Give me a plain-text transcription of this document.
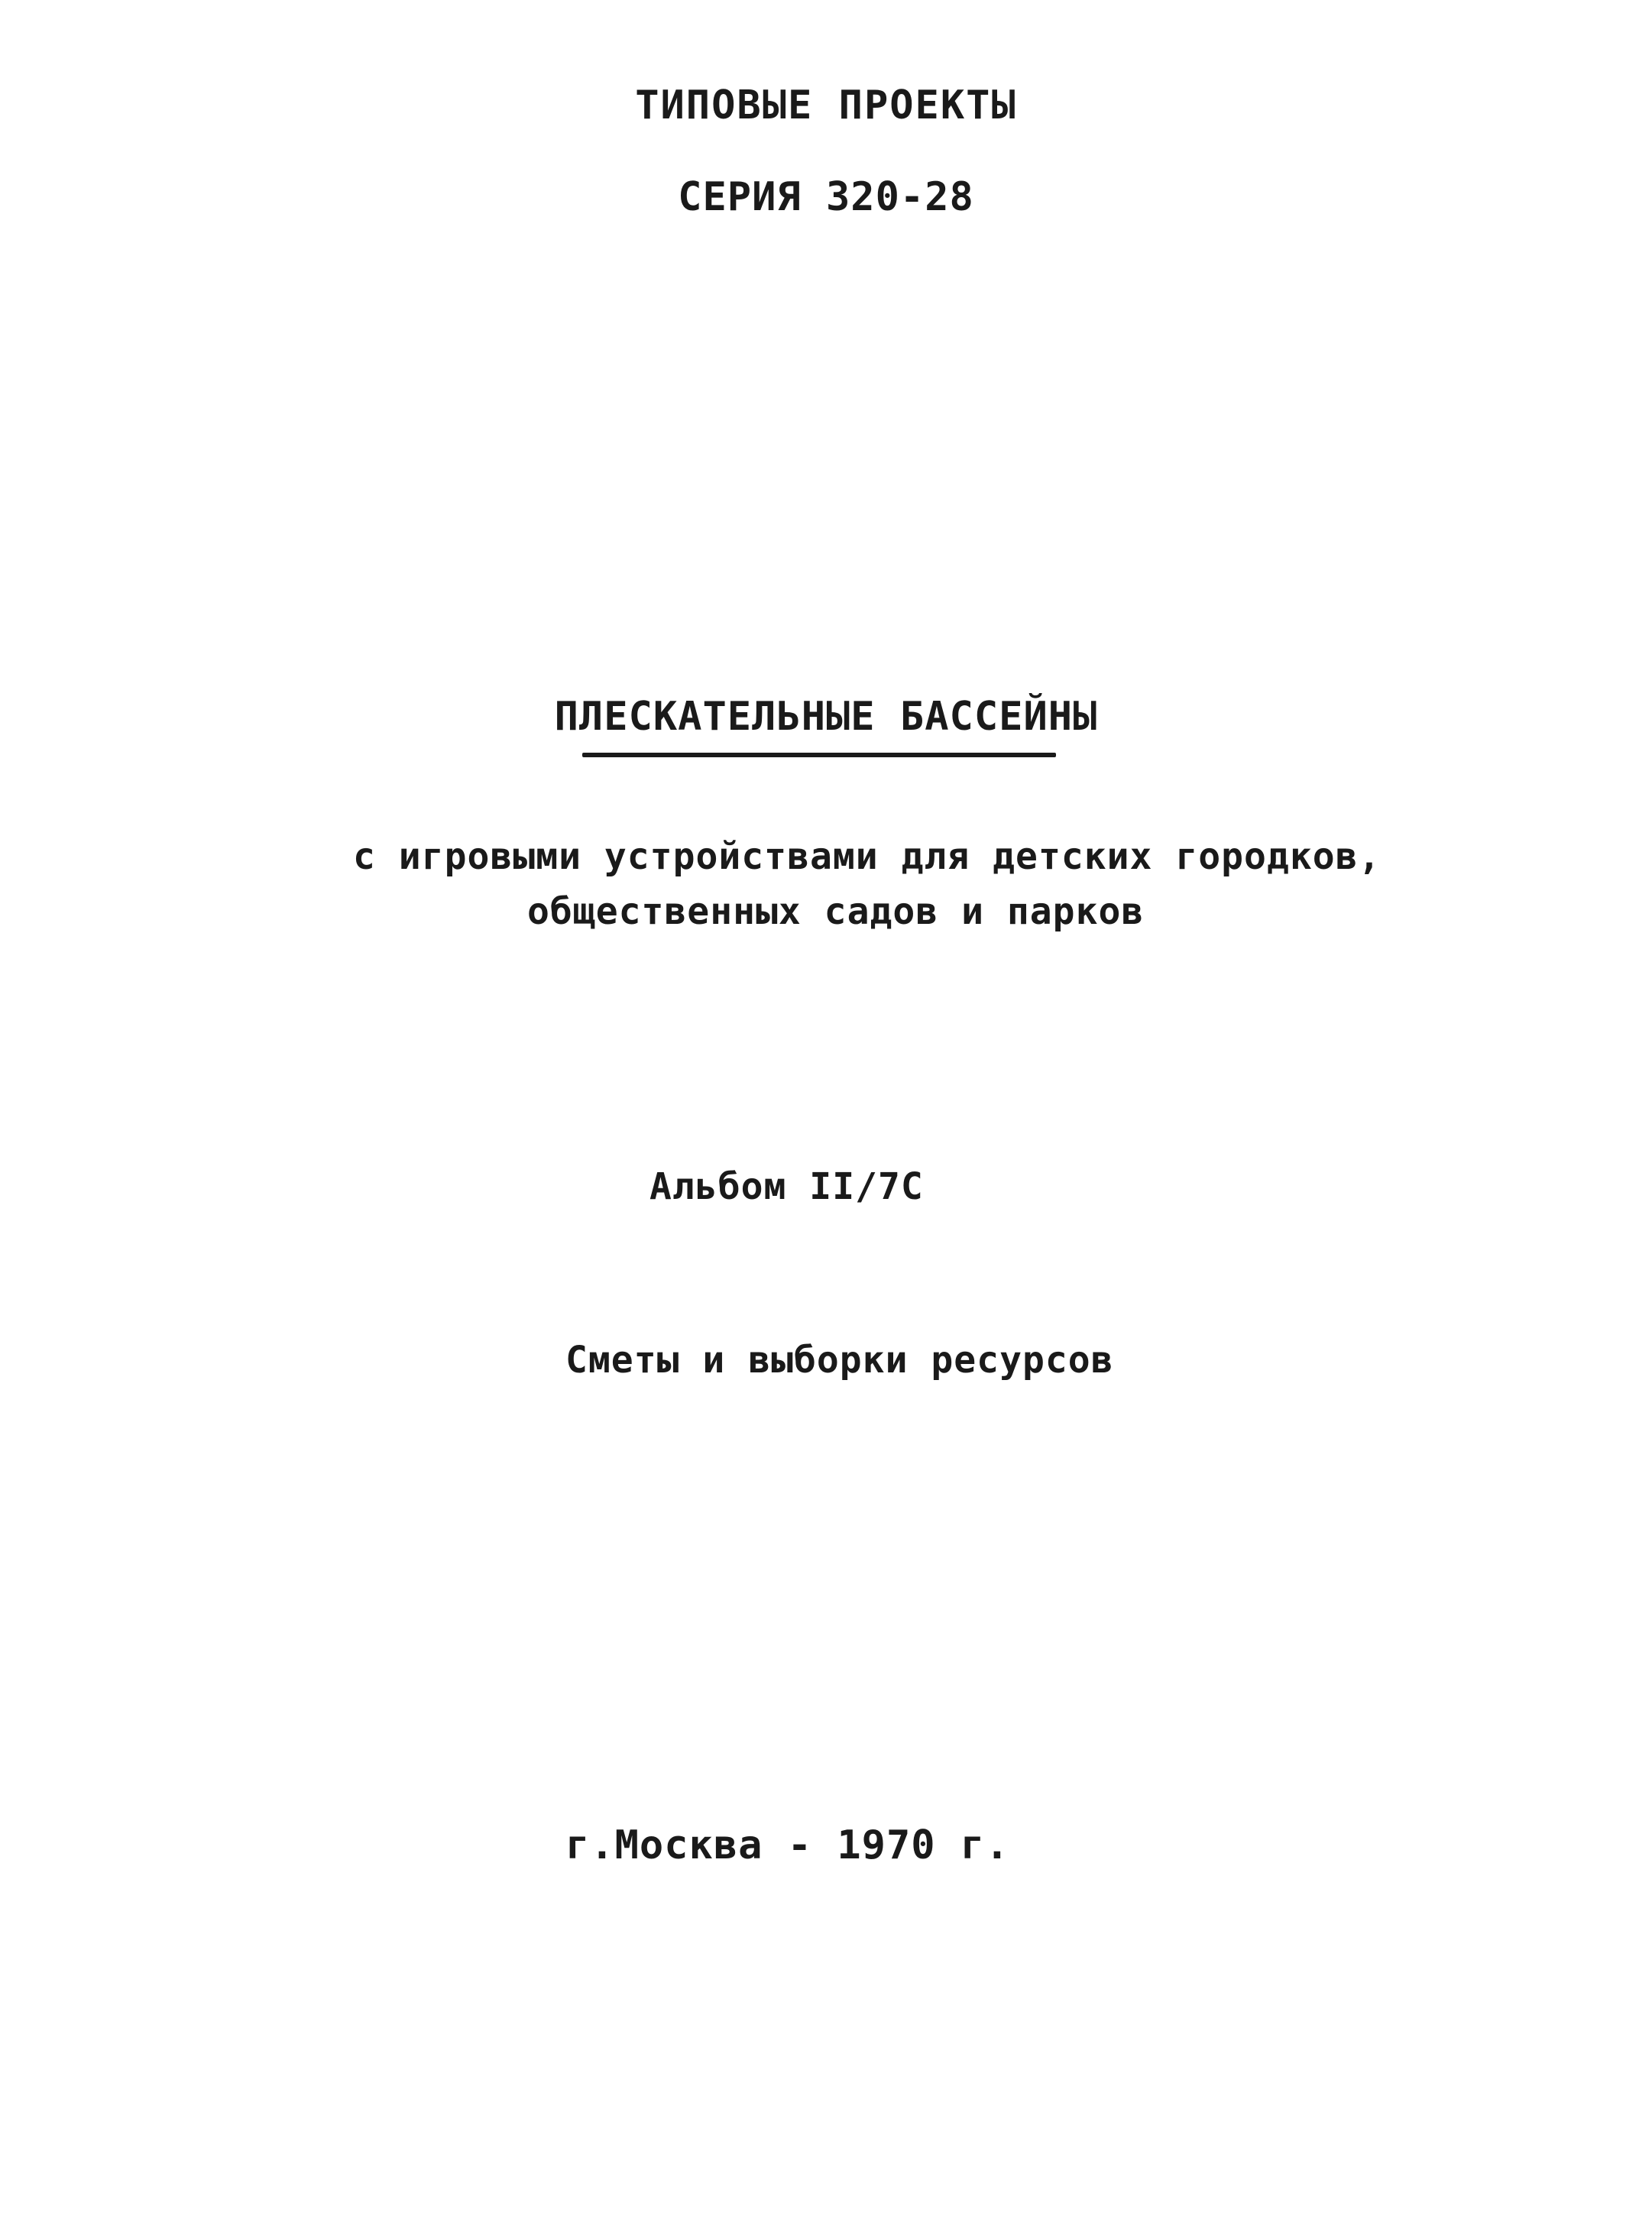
ТИПОВЫЕ ПРОЕКТЫ
СЕРИЯ 320-28
ПЛЕСКАТЕЛЬНЫЕ БАССЕЙНЫ
с игровыми устройствами для детских городков,
общественных садов и парков
Альбом II/7С
Сметы и выборки ресурсов
г.Москва - 1970 г.
